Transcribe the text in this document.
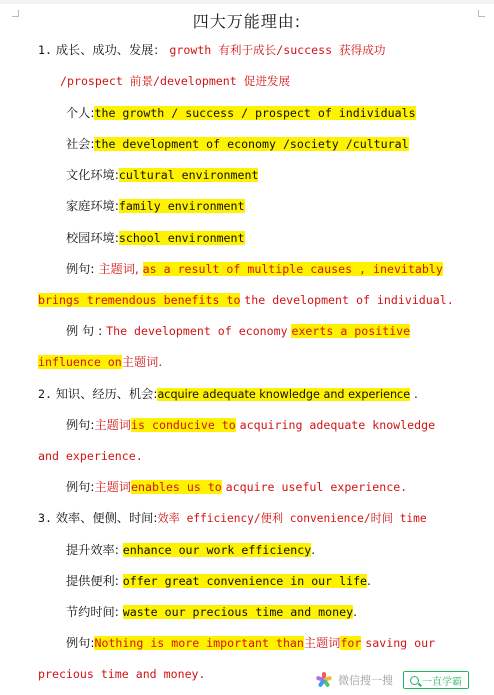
四大万能理由:
1. 成长、成功、发展： growth 有利于成长/success 获得成功
/prospect 前景/development 促进发展
个人:the growth / success / prospect of individuals
社会:the development of economy /society /cultural
文化环境:cultural environment
家庭环境:family environment
校园环境:school environment
例句: 主题词, as a result of multiple causes , inevitably
brings tremendous benefits to the development of individual.
例 句 : The development of economy exerts a positive
influence on主题词.
2. 知识、经历、机会:acquire adequate knowledge and experience .
例句:主题词is conducive to acquiring adequate knowledge
and experience.
例句:主题词enables us to acquire useful experience.
3. 效率、便侧、时间:效率 efficiency/便利 convenience/时间 time
提升效率: enhance our work efficiency.
提供便利: offer great convenience in our life.
节约时间: waste our precious time and money.
例句:Nothing is more important than主题词for saving our
precious time and money.	微信搜一搜	一直学霸
